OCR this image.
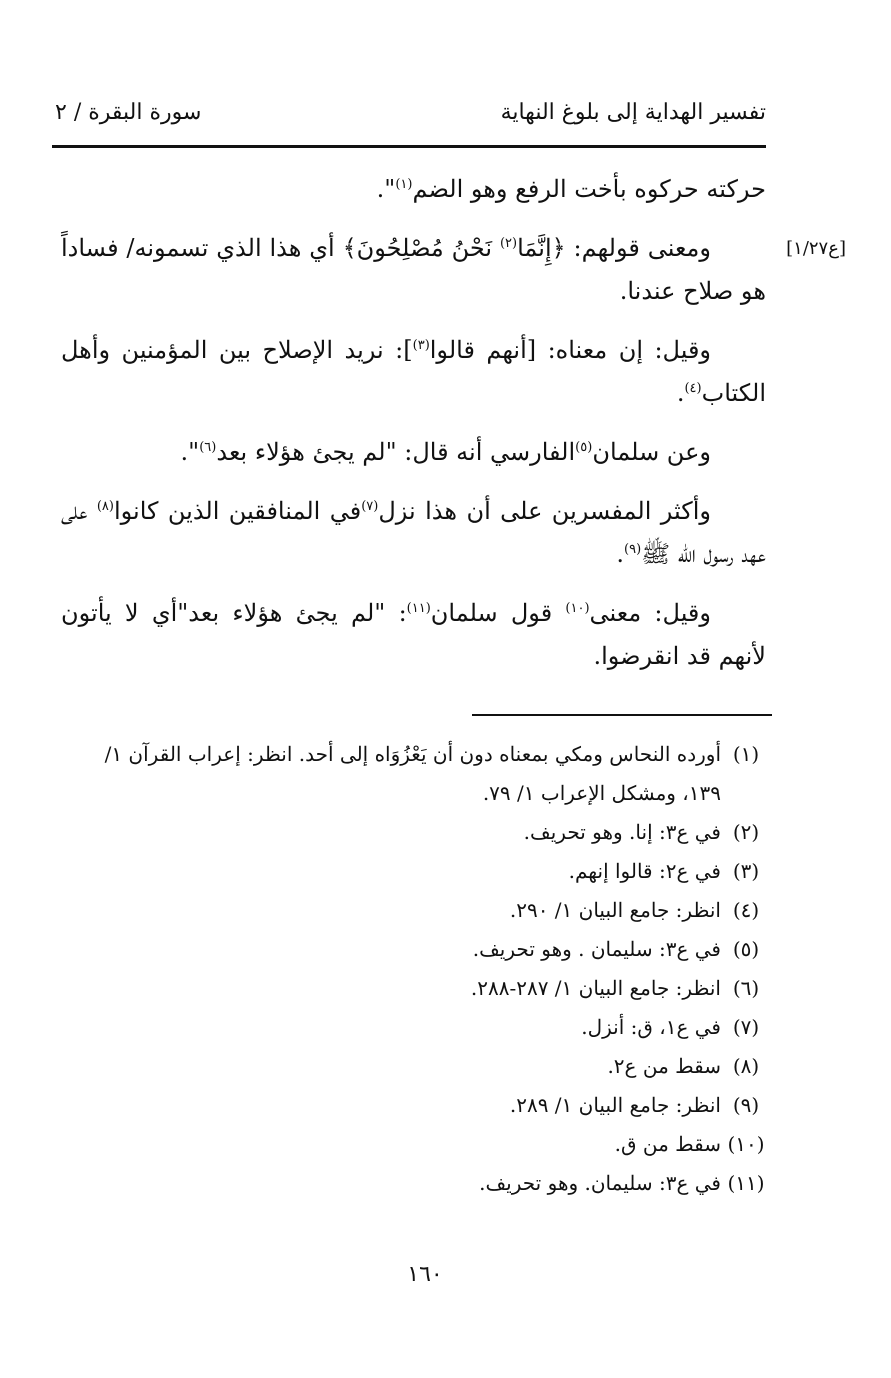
تفسير الهداية إلى بلوغ النهاية
سورة البقرة / ٢
[ع١/٢٧]

حركته حركوه بأخت الرفع وهو الضم$^{(١)}$".

ومعنى قولهم: ﴿إِنَّمَا$^{(٢)}$ نَحْنُ مُصْلِحُونَ﴾ أي هذا الذي تسمونه/ فساداً هو صلاح عندنا.

وقيل: إن معناه: [أنهم قالوا$^{(٣)}$]: نريد الإصلاح بين المؤمنين وأهل الكتاب$^{(٤)}$.

وعن سلمان$^{(٥)}$الفارسي أنه قال: "لم يجئ هؤلاء بعد$^{(٦)}$".

وأكثر المفسرين على أن هذا نزل$^{(٧)}$في المنافقين الذين كانوا$^{(٨)}$ على عهد رسول الله ﷺ$^{(٩)}$.

وقيل: معنى$^{(١٠)}$ قول سلمان$^{(١١)}$: "لم يجئ هؤلاء بعد"أي لا يأتون لأنهم قد انقرضوا.

(١)
أورده النحاس ومكي بمعناه دون أن يَعْزُوَاه إلى أحد. انظر: إعراب القرآن ١/ ١٣٩، ومشكل الإعراب ١/ ٧٩.
(٢)
في ع٣: إنا. وهو تحريف.
(٣)
في ع٢: قالوا إنهم.
(٤)
انظر: جامع البيان ١/ ٢٩٠.
(٥)
في ع٣: سليمان . وهو تحريف.
(٦)
انظر: جامع البيان ١/ ٢٨٧-٢٨٨.
(٧)
في ع١، ق: أنزل.
(٨)
سقط من ع٢.
(٩)
انظر: جامع البيان ١/ ٢٨٩.
(١٠)
سقط من ق.
(١١)
في ع٣: سليمان. وهو تحريف.
١٦٠
